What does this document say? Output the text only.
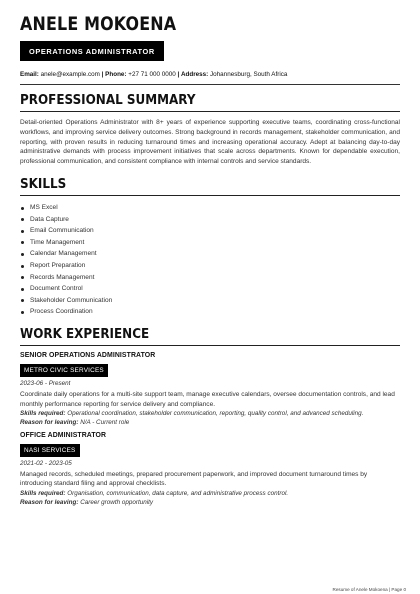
ANELE MOKOENA
OPERATIONS ADMINISTRATOR
Email: anele@example.com | Phone: +27 71 000 0000 | Address: Johannesburg, South Africa
PROFESSIONAL SUMMARY

Detail-oriented Operations Administrator with 8+ years of experience supporting executive teams, coordinating cross-functional workflows, and improving service delivery outcomes. Strong background in records management, stakeholder communication, and reporting, with proven results in reducing turnaround times and increasing operational accuracy. Adept at balancing day-to-day administrative demands with process improvement initiatives that scale across departments. Known for dependable execution, professional communication, and consistent compliance with internal controls and service standards.

SKILLS
MS Excel
Data Capture
Email Communication
Time Management
Calendar Management
Report Preparation
Records Management
Document Control
Stakeholder Communication
Process Coordination
WORK EXPERIENCE
SENIOR OPERATIONS ADMINISTRATOR
METRO CIVIC SERVICES
2023-06 - Present
Coordinate daily operations for a multi-site support team, manage executive calendars, oversee documentation controls, and lead monthly performance reporting for service delivery and compliance.
Skills required: Operational coordination, stakeholder communication, reporting, quality control, and advanced scheduling.
Reason for leaving: N/A - Current role
OFFICE ADMINISTRATOR
NASI SERVICES
2021-02 - 2023-05
Managed records, scheduled meetings, prepared procurement paperwork, and improved document turnaround times by introducing standard filing and approval checklists.
Skills required: Organisation, communication, data capture, and administrative process control.
Reason for leaving: Career growth opportunity
Resume of Anele Mokoena | Page 0
